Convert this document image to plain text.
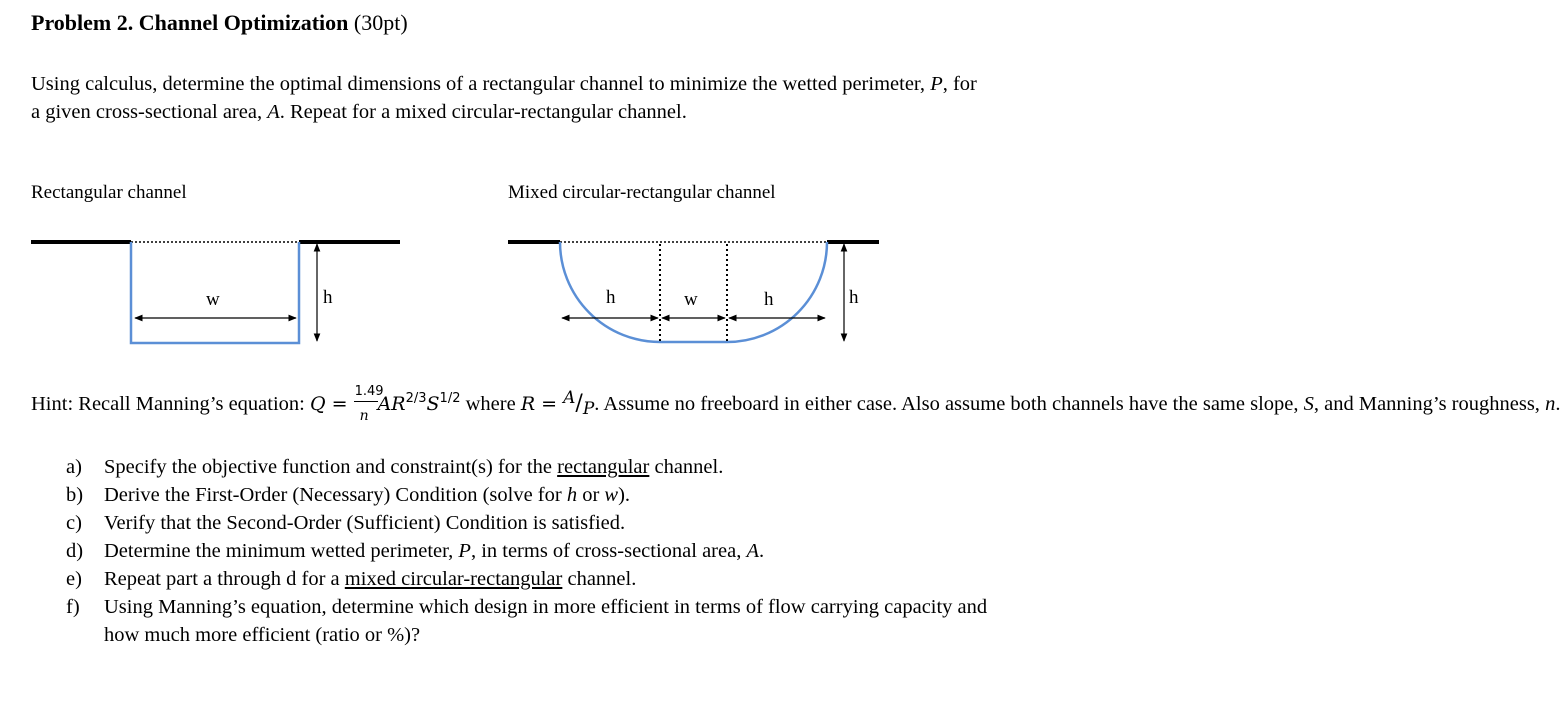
Problem 2. Channel Optimization (30pt)
Using calculus, determine the optimal dimensions of a rectangular channel to minimize the wetted perimeter, P, for a given cross-sectional area, A. Repeat for a mixed circular-rectangular channel.
Rectangular channel	Mixed circular-rectangular channel
w	h	h	w	h	h
Hint: Recall Manning’s equation: $Q = \frac{1.49}{n} AR^{2/3}S^{1/2}$ where $R = ^A/_P$. Assume no freeboard in either case. Also assume both channels have the same slope, S, and Manning’s roughness, n.
a) Specify the objective function and constraint(s) for the rectangular channel.
b) Derive the First-Order (Necessary) Condition (solve for h or w).
c) Verify that the Second-Order (Sufficient) Condition is satisfied.
d) Determine the minimum wetted perimeter, P, in terms of cross-sectional area, A.
e) Repeat part a through d for a mixed circular-rectangular channel.
f) Using Manning’s equation, determine which design in more efficient in terms of flow carrying capacity and how much more efficient (ratio or %)?
